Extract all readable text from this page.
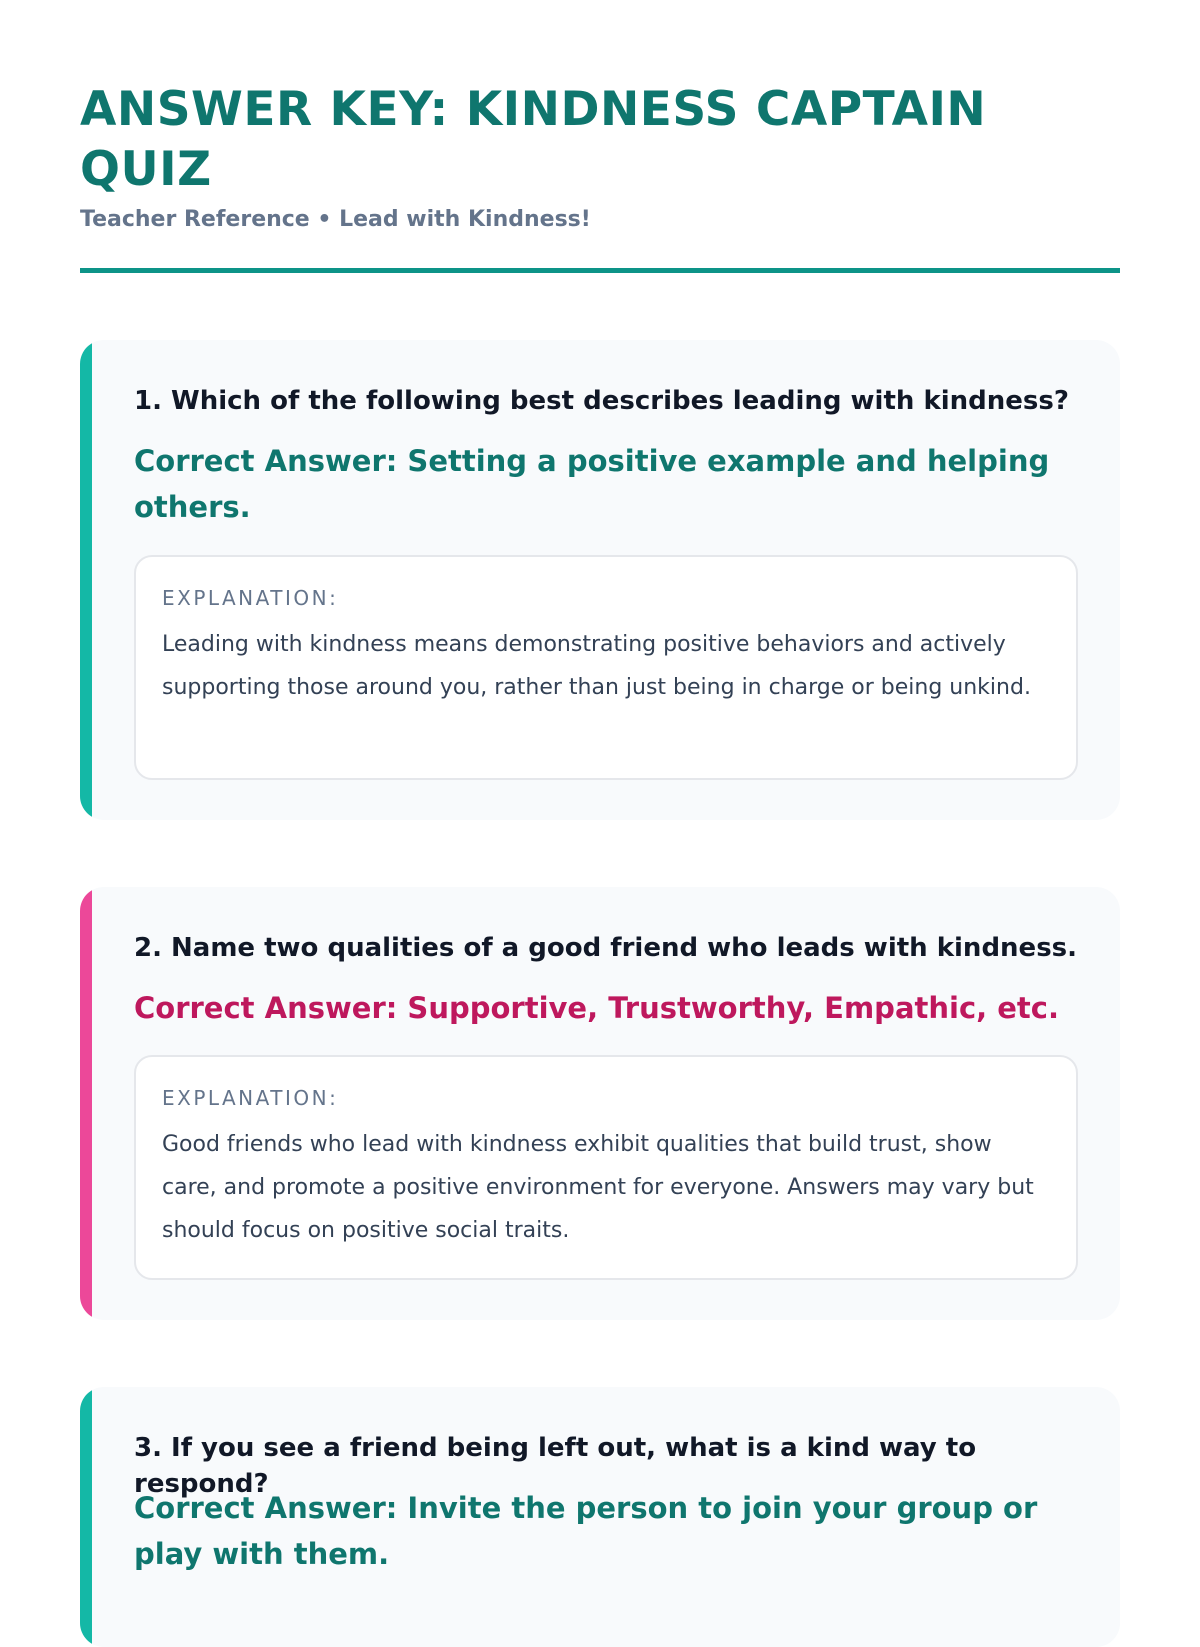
ANSWER KEY: KINDNESS CAPTAIN QUIZ
Teacher Reference • Lead with Kindness!
1. Which of the following best describes leading with kindness?
Correct Answer: Setting a positive example and helping others.
EXPLANATION:
Leading with kindness means demonstrating positive behaviors and actively supporting those around you, rather than just being in charge or being unkind.
2. Name two qualities of a good friend who leads with kindness.
Correct Answer: Supportive, Trustworthy, Empathic, etc.
EXPLANATION:
Good friends who lead with kindness exhibit qualities that build trust, show care, and promote a positive environment for everyone. Answers may vary but should focus on positive social traits.
3. If you see a friend being left out, what is a kind way to respond?
Correct Answer: Invite the person to join your group or play with them.
